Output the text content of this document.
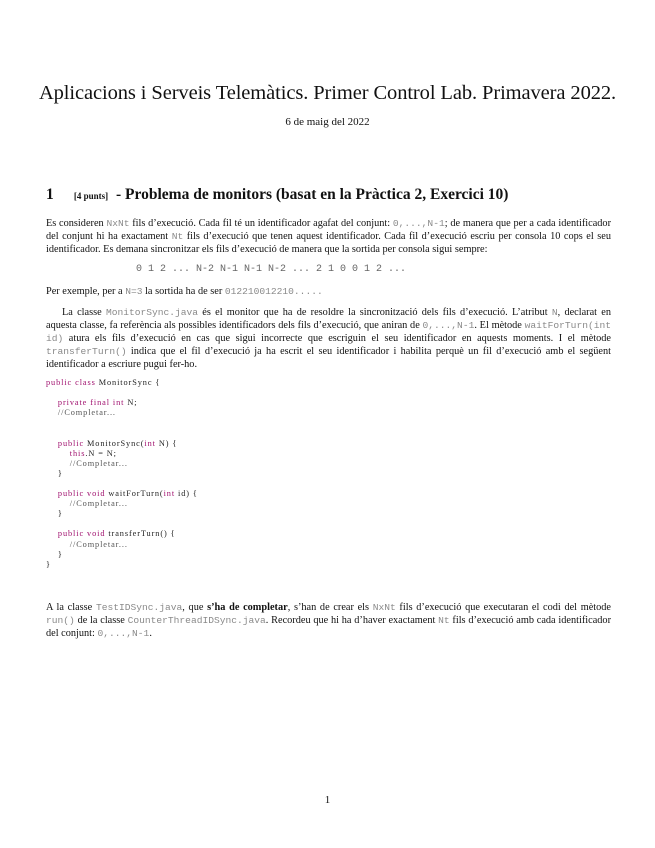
Aplicacions i Serveis Telemàtics. Primer Control Lab. Primavera 2022.
6 de maig del 2022
1 [4 punts] - Problema de monitors (basat en la Pràctica 2, Exercici 10)
Es consideren NxNt fils d’execució. Cada fil té un identificador agafat del conjunt: 0,...,N-1; de manera que per a cada identificador del conjunt hi ha exactament Nt fils d’execució que tenen aquest identificador. Cada fil d’execució escriu per consola 10 cops el seu identificador. Es demana sincronitzar els fils d’execució de manera que la sortida per consola sigui sempre:
0 1 2 ... N-2 N-1 N-1 N-2 ... 2 1 0 0 1 2 ...
Per exemple, per a N=3 la sortida ha de ser 012210012210.....
La classe MonitorSync.java és el monitor que ha de resoldre la sincronització dels fils d’execució. L’atribut N, declarat en aquesta classe, fa referència als possibles identificadors dels fils d’execució, que aniran de 0,...,N-1. El mètode waitForTurn(int id) atura els fils d’execució en cas que sigui incorrecte que escriguin el seu identificador en aquests moments. I el mètode transferTurn() indica que el fil d’execució ja ha escrit el seu identificador i habilita perquè un fil d’execució amb el següent identificador a escriure pugui fer-ho.
public class MonitorSync {

private final int N;
//Completar...

public MonitorSync(int N) {
this.N = N;
//Completar...
}

public void waitForTurn(int id) {
//Completar...
}

public void transferTurn() {
//Completar...
}
}
A la classe TestIDSync.java, que s’ha de completar, s’han de crear els NxNt fils d’execució que executaran el codi del mètode run() de la classe CounterThreadIDSync.java. Recordeu que hi ha d’haver exactament Nt fils d’execució amb cada identificador del conjunt: 0,...,N-1.
1
